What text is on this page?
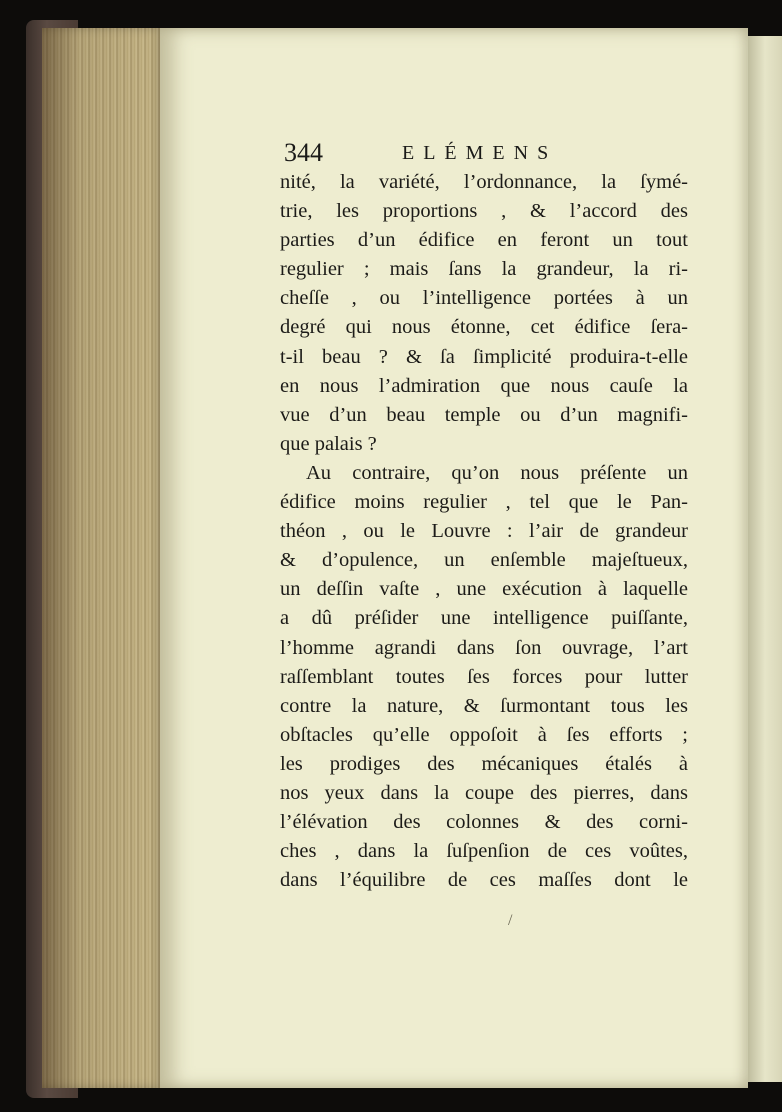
344	ELÉMENS
nité, la variété, l’ordonnance, la ſymé-
trie, les proportions , & l’accord des
parties d’un édifice en feront un tout
regulier ; mais ſans la grandeur, la ri-
cheſſe , ou l’intelligence portées à un
degré qui nous étonne, cet édifice ſera-
t-il beau ? & ſa ſimplicité produira-t-elle
en nous l’admiration que nous cauſe la
vue d’un beau temple ou d’un magnifi-
que palais ?
Au contraire, qu’on nous préſente un
édifice moins regulier , tel que le Pan-
théon , ou le Louvre : l’air de grandeur
& d’opulence, un enſemble majeſtueux,
un deſſin vaſte , une exécution à laquelle
a dû préſider une intelligence puiſſante,
l’homme agrandi dans ſon ouvrage, l’art
raſſemblant toutes ſes forces pour lutter
contre la nature, & ſurmontant tous les
obſtacles qu’elle oppoſoit à ſes efforts ;
les prodiges des mécaniques étalés à
nos yeux dans la coupe des pierres, dans
l’élévation des colonnes & des corni-
ches , dans la ſuſpenſion de ces voûtes,
dans l’équilibre de ces maſſes dont le
/
